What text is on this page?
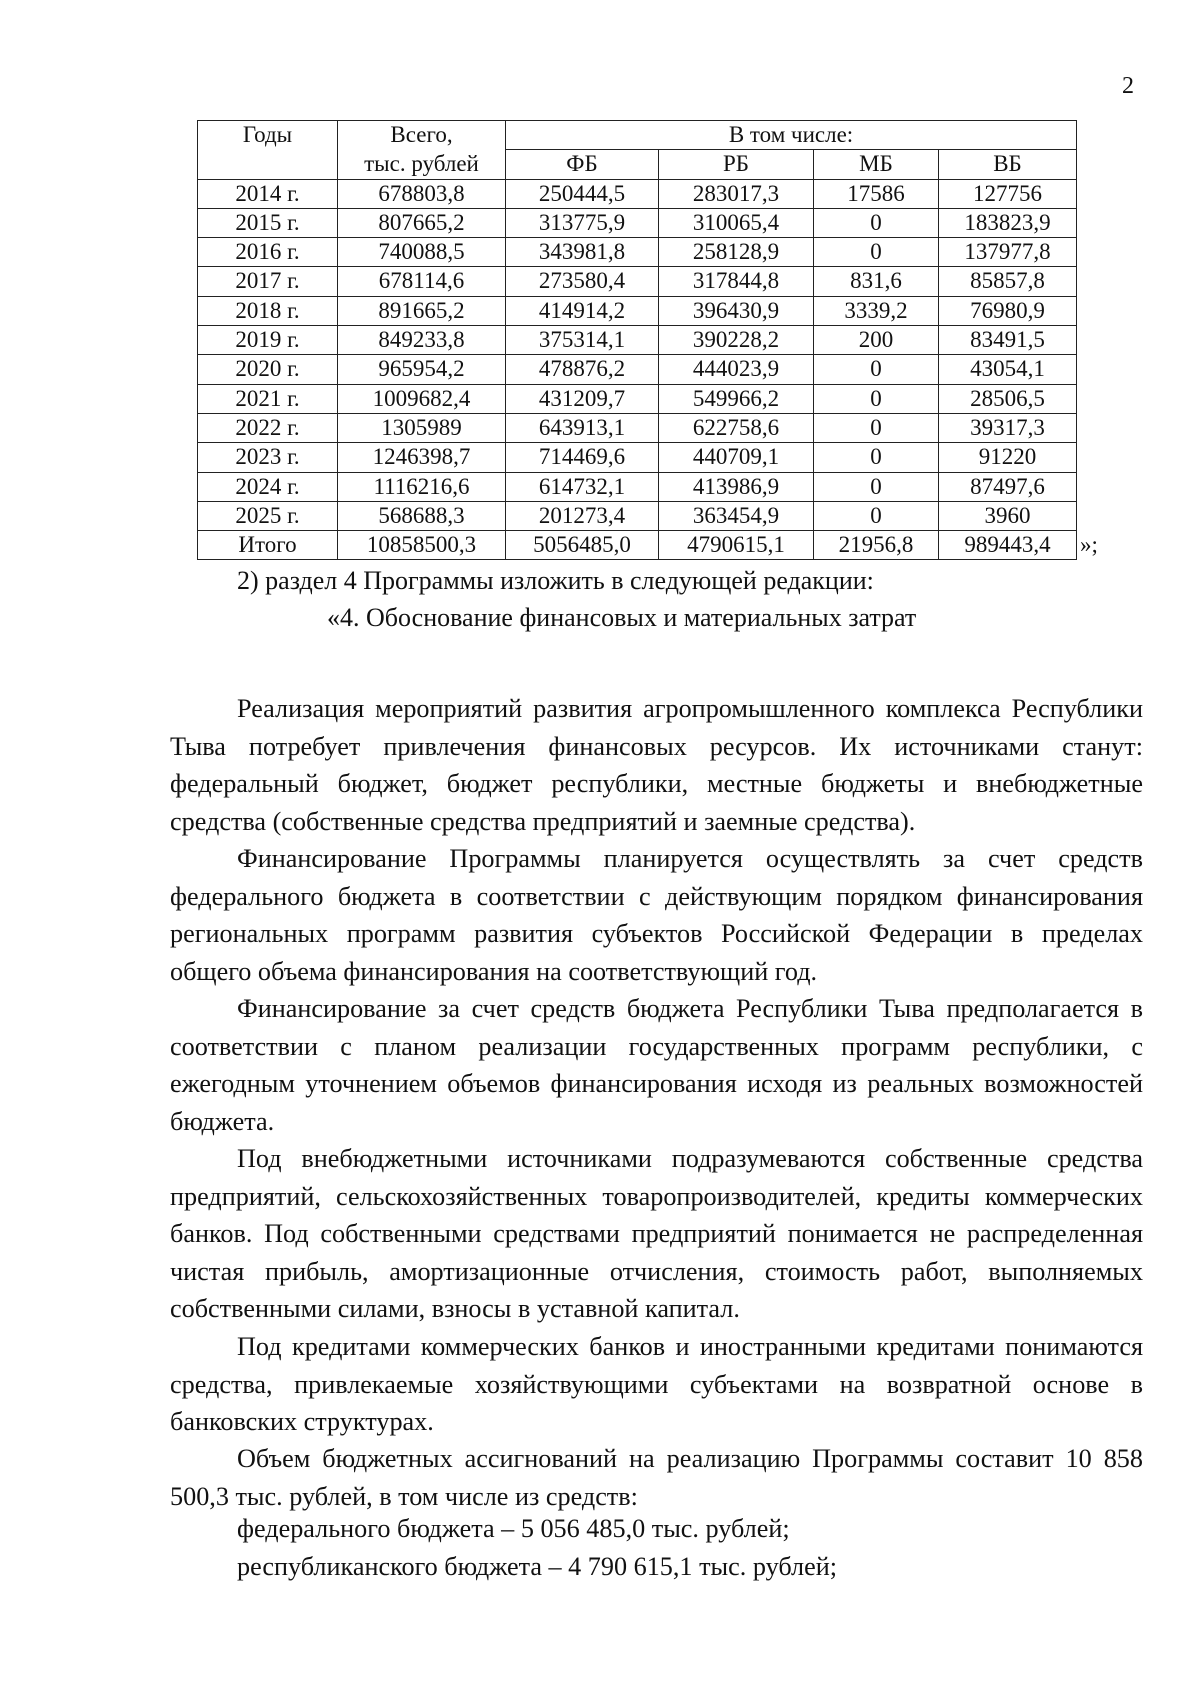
2
Годы	Всего,	В том числе:			
	тыс. рублей	ФБ	РБ	МБ	ВБ
2014 г.	678803,8	250444,5	283017,3	17586	127756
2015 г.	807665,2	313775,9	310065,4	0	183823,9
2016 г.	740088,5	343981,8	258128,9	0	137977,8
2017 г.	678114,6	273580,4	317844,8	831,6	85857,8
2018 г.	891665,2	414914,2	396430,9	3339,2	76980,9
2019 г.	849233,8	375314,1	390228,2	200	83491,5
2020 г.	965954,2	478876,2	444023,9	0	43054,1
2021 г.	1009682,4	431209,7	549966,2	0	28506,5
2022 г.	1305989	643913,1	622758,6	0	39317,3
2023 г.	1246398,7	714469,6	440709,1	0	91220
2024 г.	1116216,6	614732,1	413986,9	0	87497,6
2025 г.	568688,3	201273,4	363454,9	0	3960
Итого	10858500,3	5056485,0	4790615,1	21956,8	989443,4 »;
2) раздел 4 Программы изложить в следующей редакции:
«4. Обоснование финансовых и материальных затрат

Реализация мероприятий развития агропромышленного комплекса Республики Тыва потребует привлечения финансовых ресурсов. Их источниками станут: федеральный бюджет, бюджет республики, местные бюджеты и внебюджетные средства (собственные средства предприятий и заемные средства).

Финансирование Программы планируется осуществлять за счет средств федерального бюджета в соответствии с действующим порядком финансирования региональных программ развития субъектов Российской Федерации в пределах общего объема финансирования на соответствующий год.

Финансирование за счет средств бюджета Республики Тыва предполагается в соответствии с планом реализации государственных программ республики, с ежегодным уточнением объемов финансирования исходя из реальных возможностей бюджета.

Под внебюджетными источниками подразумеваются собственные средства предприятий, сельскохозяйственных товаропроизводителей, кредиты коммерческих банков. Под собственными средствами предприятий понимается не распределенная чистая прибыль, амортизационные отчисления, стоимость работ, выполняемых собственными силами, взносы в уставной капитал.

Под кредитами коммерческих банков и иностранными кредитами понимаются средства, привлекаемые хозяйствующими субъектами на возвратной основе в банковских структурах.

Объем бюджетных ассигнований на реализацию Программы составит 10 858 500,3 тыс. рублей, в том числе из средств:

федерального бюджета – 5 056 485,0 тыс. рублей;
республиканского бюджета – 4 790 615,1 тыс. рублей;
